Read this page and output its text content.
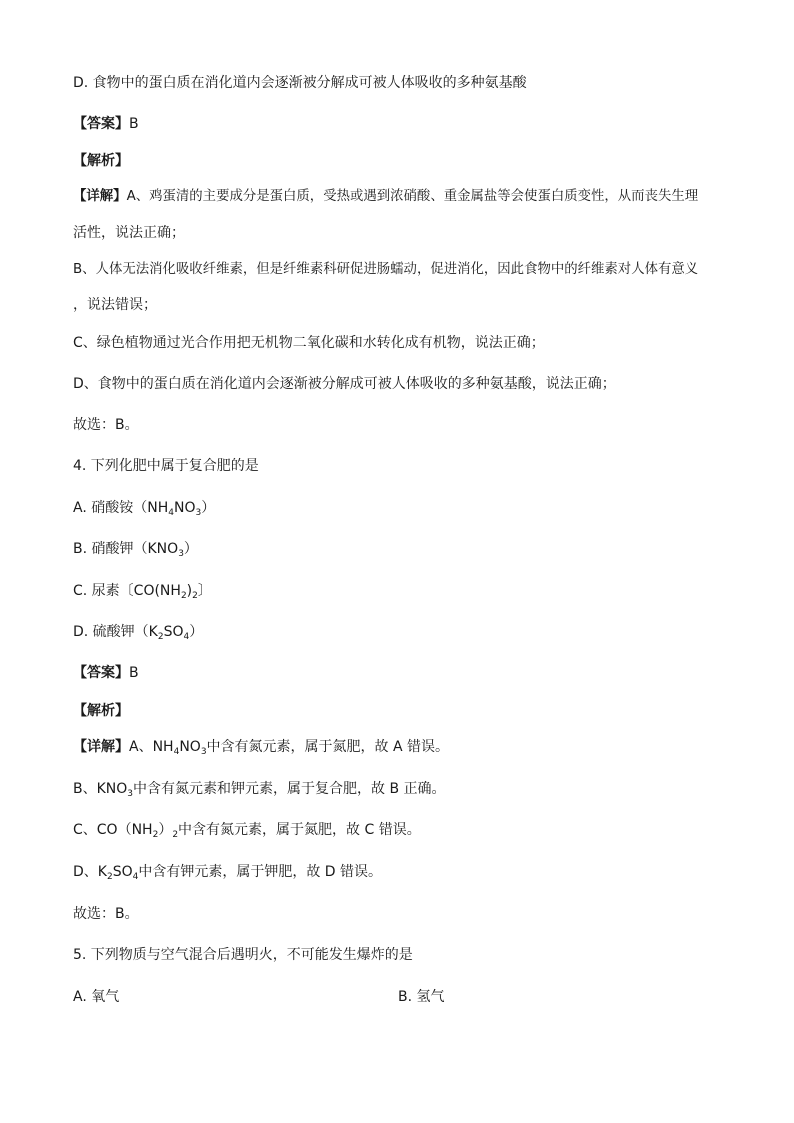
D. 食物中的蛋白质在消化道内会逐渐被分解成可被人体吸收的多种氨基酸
【答案】B
【解析】
【详解】A、鸡蛋清的主要成分是蛋白质，受热或遇到浓硝酸、重金属盐等会使蛋白质变性，从而丧失生理
活性，说法正确；
B、人体无法消化吸收纤维素，但是纤维素科研促进肠蠕动，促进消化，因此食物中的纤维素对人体有意义
，说法错误；
C、绿色植物通过光合作用把无机物二氧化碳和水转化成有机物，说法正确；
D、食物中的蛋白质在消化道内会逐渐被分解成可被人体吸收的多种氨基酸，说法正确；
故选：B。
4. 下列化肥中属于复合肥的是
A. 硝酸铵$(NH_4NO_3)$
B. 硝酸钾$(KNO_3)$
C. 尿素〔$CO(NH_2)_2$〕
D. 硫酸钾$(K_2SO_4)$
【答案】B
【解析】
【详解】A、$NH_4NO_3$中含有氮元素，属于氮肥，故 A 错误。
B、$KNO_3$中含有氮元素和钾元素，属于复合肥，故 B 正确。
C、$CO(NH_2)_2$中含有氮元素，属于氮肥，故 C 错误。
D、$K_2SO_4$中含有钾元素，属于钾肥，故 D 错误。
故选：B。
5. 下列物质与空气混合后遇明火，不可能发生爆炸的是
A. 氧气	B. 氢气
